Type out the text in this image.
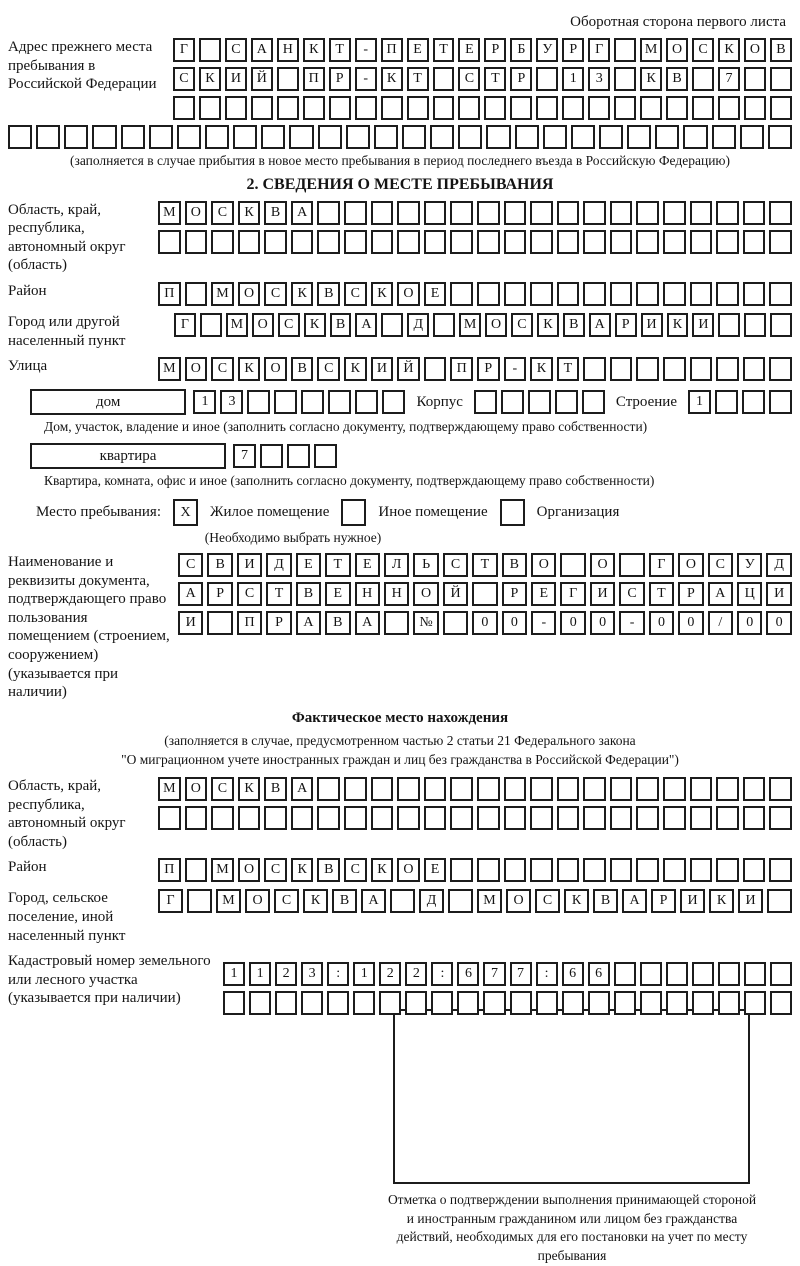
Оборотная сторона первого листа
Адрес прежнего места пребывания в Российской Федерации
Г	С	А	Н	К	Т	-	П	Е	Т	Е	Р	Б	У	Р	Г	М	О	С	К	О	В
С	К	И	Й	П	Р	-	К	Т	С	Т	Р	1	3	К	В	7
(заполняется в случае прибытия в новое место пребывания в период последнего въезда в Российскую Федерацию)
2. СВЕДЕНИЯ О МЕСТЕ ПРЕБЫВАНИЯ
Область, край, республика, автономный округ (область)
М	О	С	К	В	А
Район	П	М	О	С	К	В	С	К	О	Е
Город или другой населенный пункт
Г	М	О	С	К	В	А	Д	М	О	С	К	В	А	Р	И	К	И
Улица	М	О	С	К	О	В	С	К	И	Й	П	Р	-	К	Т
дом	1	3	Корпус	Строение	1
Дом, участок, владение и иное (заполнить согласно документу, подтверждающему право собственности)
квартира	7
Квартира, комната, офис и иное (заполнить согласно документу, подтверждающему право собственности)
Место пребывания:	X	Жилое помещение	Иное помещение	Организация
(Необходимо выбрать нужное)
Наименование и реквизиты документа, подтверждающего право пользования помещением (строением, сооружением) (указывается при наличии)
С	В	И	Д	Е	Т	Е	Л	Ь	С	Т	В	О	О	Г	О	С	У	Д
А	Р	С	Т	В	Е	Н	Н	О	Й	Р	Е	Г	И	С	Т	Р	А	Ц	И
И	П	Р	А	В	А	№	0	0	-	0	0	-	0	0	/	0	0
Фактическое место нахождения
(заполняется в случае, предусмотренном частью 2 статьи 21 Федерального закона
"О миграционном учете иностранных граждан и лиц без гражданства в Российской Федерации")
Область, край, республика, автономный округ (область)
М	О	С	К	В	А
Район	П	М	О	С	К	В	С	К	О	Е
Город, сельское поселение, иной населенный пункт
Г	М	О	С	К	В	А	Д	М	О	С	К	В	А	Р	И	К	И
Кадастровый номер земельного или лесного участка (указывается при наличии)
1	1	2	3	:	1	2	2	:	6	7	7	:	6	6
Отметка о подтверждении выполнения принимающей стороной и иностранным гражданином или лицом без гражданства действий, необходимых для его постановки на учет по месту пребывания
